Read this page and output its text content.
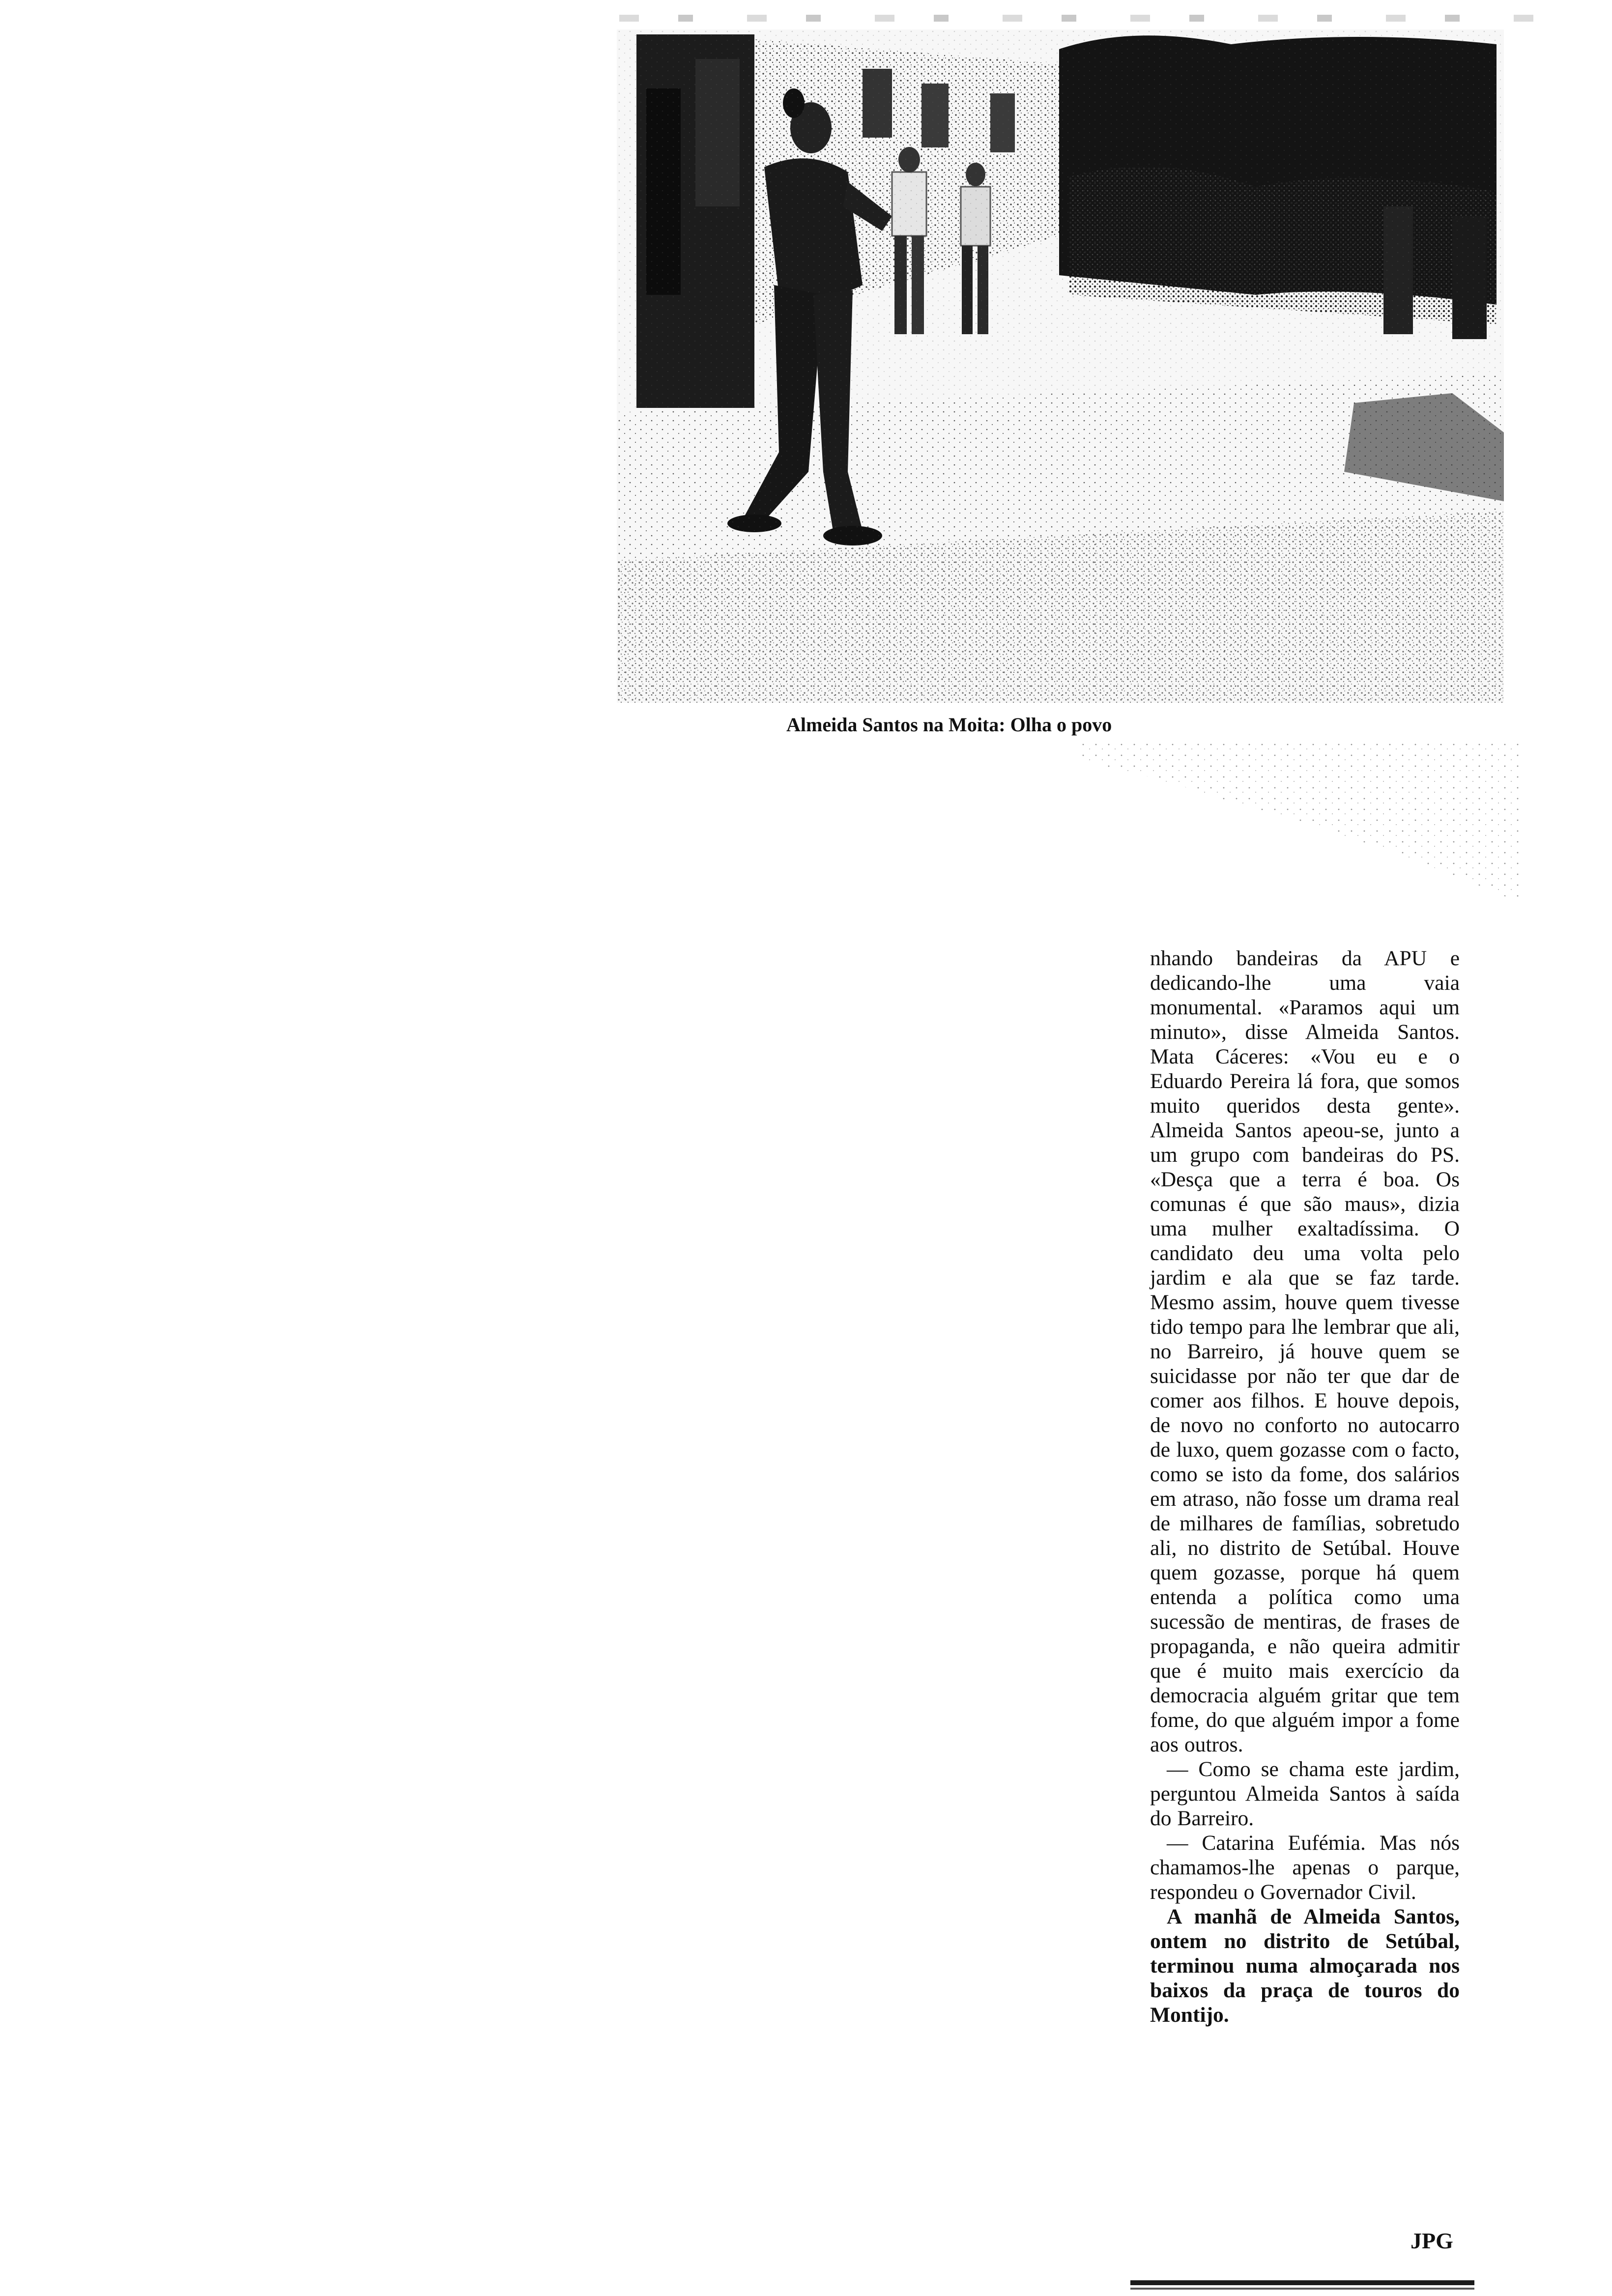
Almeida Santos na Moita: Olha o povo

nhando bandeiras da APU e dedicando-lhe uma vaia monumental. «Paramos aqui um minuto», disse Almeida Santos. Mata Cáceres: «Vou eu e o Eduardo Pereira lá fora, que somos muito queridos desta gente». Almeida Santos apeou-se, junto a um grupo com bandeiras do PS. «Desça que a terra é boa. Os comunas é que são maus», dizia uma mulher exaltadíssima. O candidato deu uma volta pelo jardim e ala que se faz tarde. Mesmo assim, houve quem tivesse tido tempo para lhe lembrar que ali, no Barreiro, já houve quem se suicidasse por não ter que dar de comer aos filhos. E houve depois, de novo no conforto no autocarro de luxo, quem gozasse com o facto, como se isto da fome, dos salários em atraso, não fosse um drama real de milhares de famílias, sobretudo ali, no distrito de Setúbal. Houve quem gozasse, porque há quem entenda a política como uma sucessão de mentiras, de frases de propaganda, e não queira admitir que é muito mais exercício da democracia alguém gritar que tem fome, do que alguém impor a fome aos outros.

— Como se chama este jardim, perguntou Almeida Santos à saída do Barreiro.

— Catarina Eufémia. Mas nós chamamos-lhe apenas o parque, respondeu o Governador Civil.

A manhã de Almeida Santos, ontem no distrito de Setúbal, terminou numa almoçarada nos baixos da praça de touros do Montijo.

JPG
